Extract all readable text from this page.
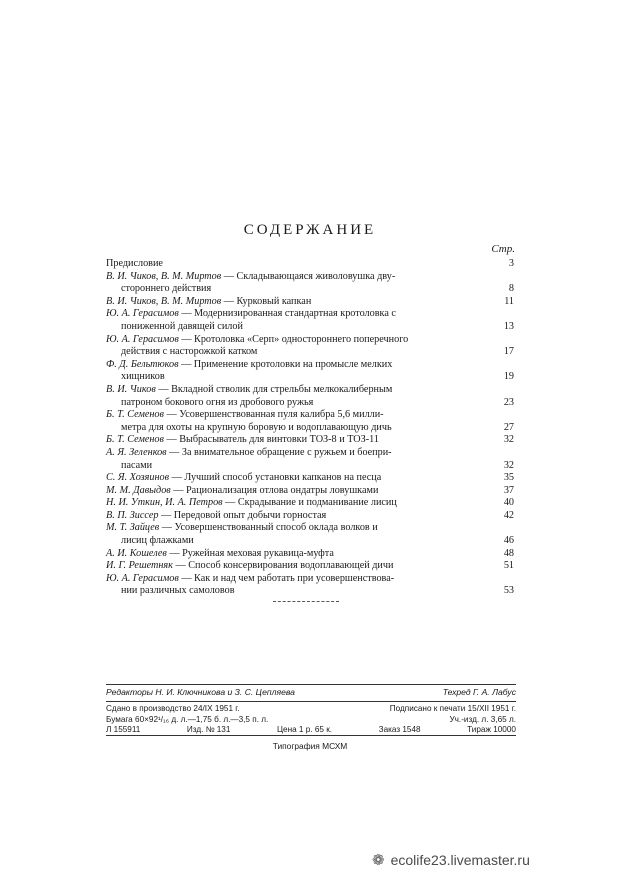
СОДЕРЖАНИЕ
Стр.
Предисловие	3
В. И. Чиков, В. М. Миртов — Складывающаяся живоловушка дву-
стороннего действия	8
В. И. Чиков, В. М. Миртов — Курковый капкан	11
Ю. А. Герасимов — Модернизированная стандартная кротоловка с
пониженной давящей силой	13
Ю. А. Герасимов — Кротоловка «Серп» одностороннего поперечного
действия с насторожкой катком	17
Ф. Д. Бельтюков — Применение кротоловки на промысле мелких
хищников	19
В. И. Чиков — Вкладной стволик для стрельбы мелкокалиберным
патроном бокового огня из дробового ружья	23
Б. Т. Семенов — Усовершенствованная пуля калибра 5,6 милли-
метра для охоты на крупную боровую и водоплавающую дичь	27
Б. Т. Семенов — Выбрасыватель для винтовки ТОЗ-8 и ТОЗ-11	32
А. Я. Зеленков — За внимательное обращение с ружьем и боепри-
пасами	32
С. Я. Хозяинов — Лучший способ установки капканов на песца	35
М. М. Давыдов — Рационализация отлова ондатры ловушками	37
Н. И. Уткин, И. А. Петров — Скрадывание и подманивание лисиц	40
В. П. Зиссер — Передовой опыт добычи горностая	42
М. Т. Зайцев — Усовершенствованный способ оклада волков и
лисиц флажками	46
А. И. Кошелев — Ружейная меховая рукавица-муфта	48
И. Г. Решетняк — Способ консервирования водоплавающей дичи	51
Ю. А. Герасимов — Как и над чем работать при усовершенствова-
нии различных самоловов	53
Редакторы Н. И. Ключникова и З. С. Цепляева	Техред Г. А. Лабус
Сдано в производство 24/IX 1951 г.	Подписано к печати 15/XII 1951 г.
Бумага 60×92¹/₁₆ д. л.—1,75 б. л.—3,5 п. л.	Уч.-изд. л. 3,65 л.
Л 155911	Изд. № 131	Цена 1 р. 65 к.	Заказ 1548	Тираж 10000
Типография МСХМ
❁ ecolife23.livemaster.ru
